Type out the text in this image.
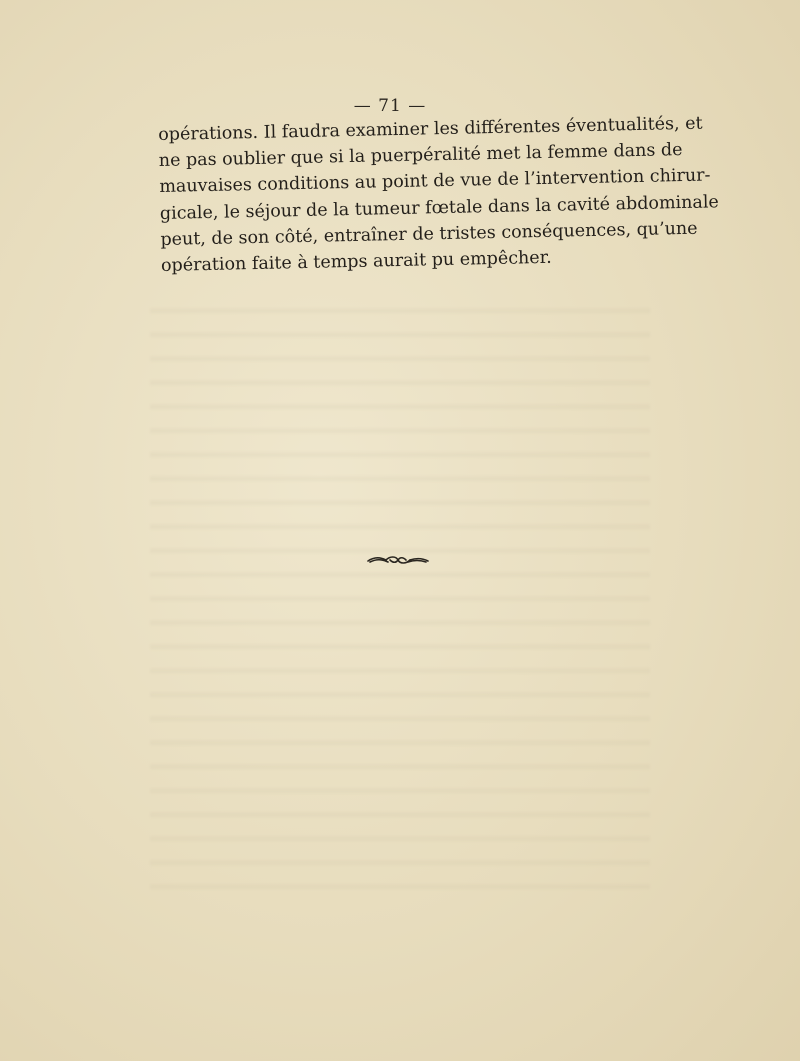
— 71 —

opérations. Il faudra examiner les différentes éventualités, et
ne pas oublier que si la puerpéralité met la femme dans de
mauvaises conditions au point de vue de l’intervention chirur-
gicale, le séjour de la tumeur fœtale dans la cavité abdominale
peut, de son côté, entraîner de tristes conséquences, qu’une
opération faite à temps aurait pu empêcher.
